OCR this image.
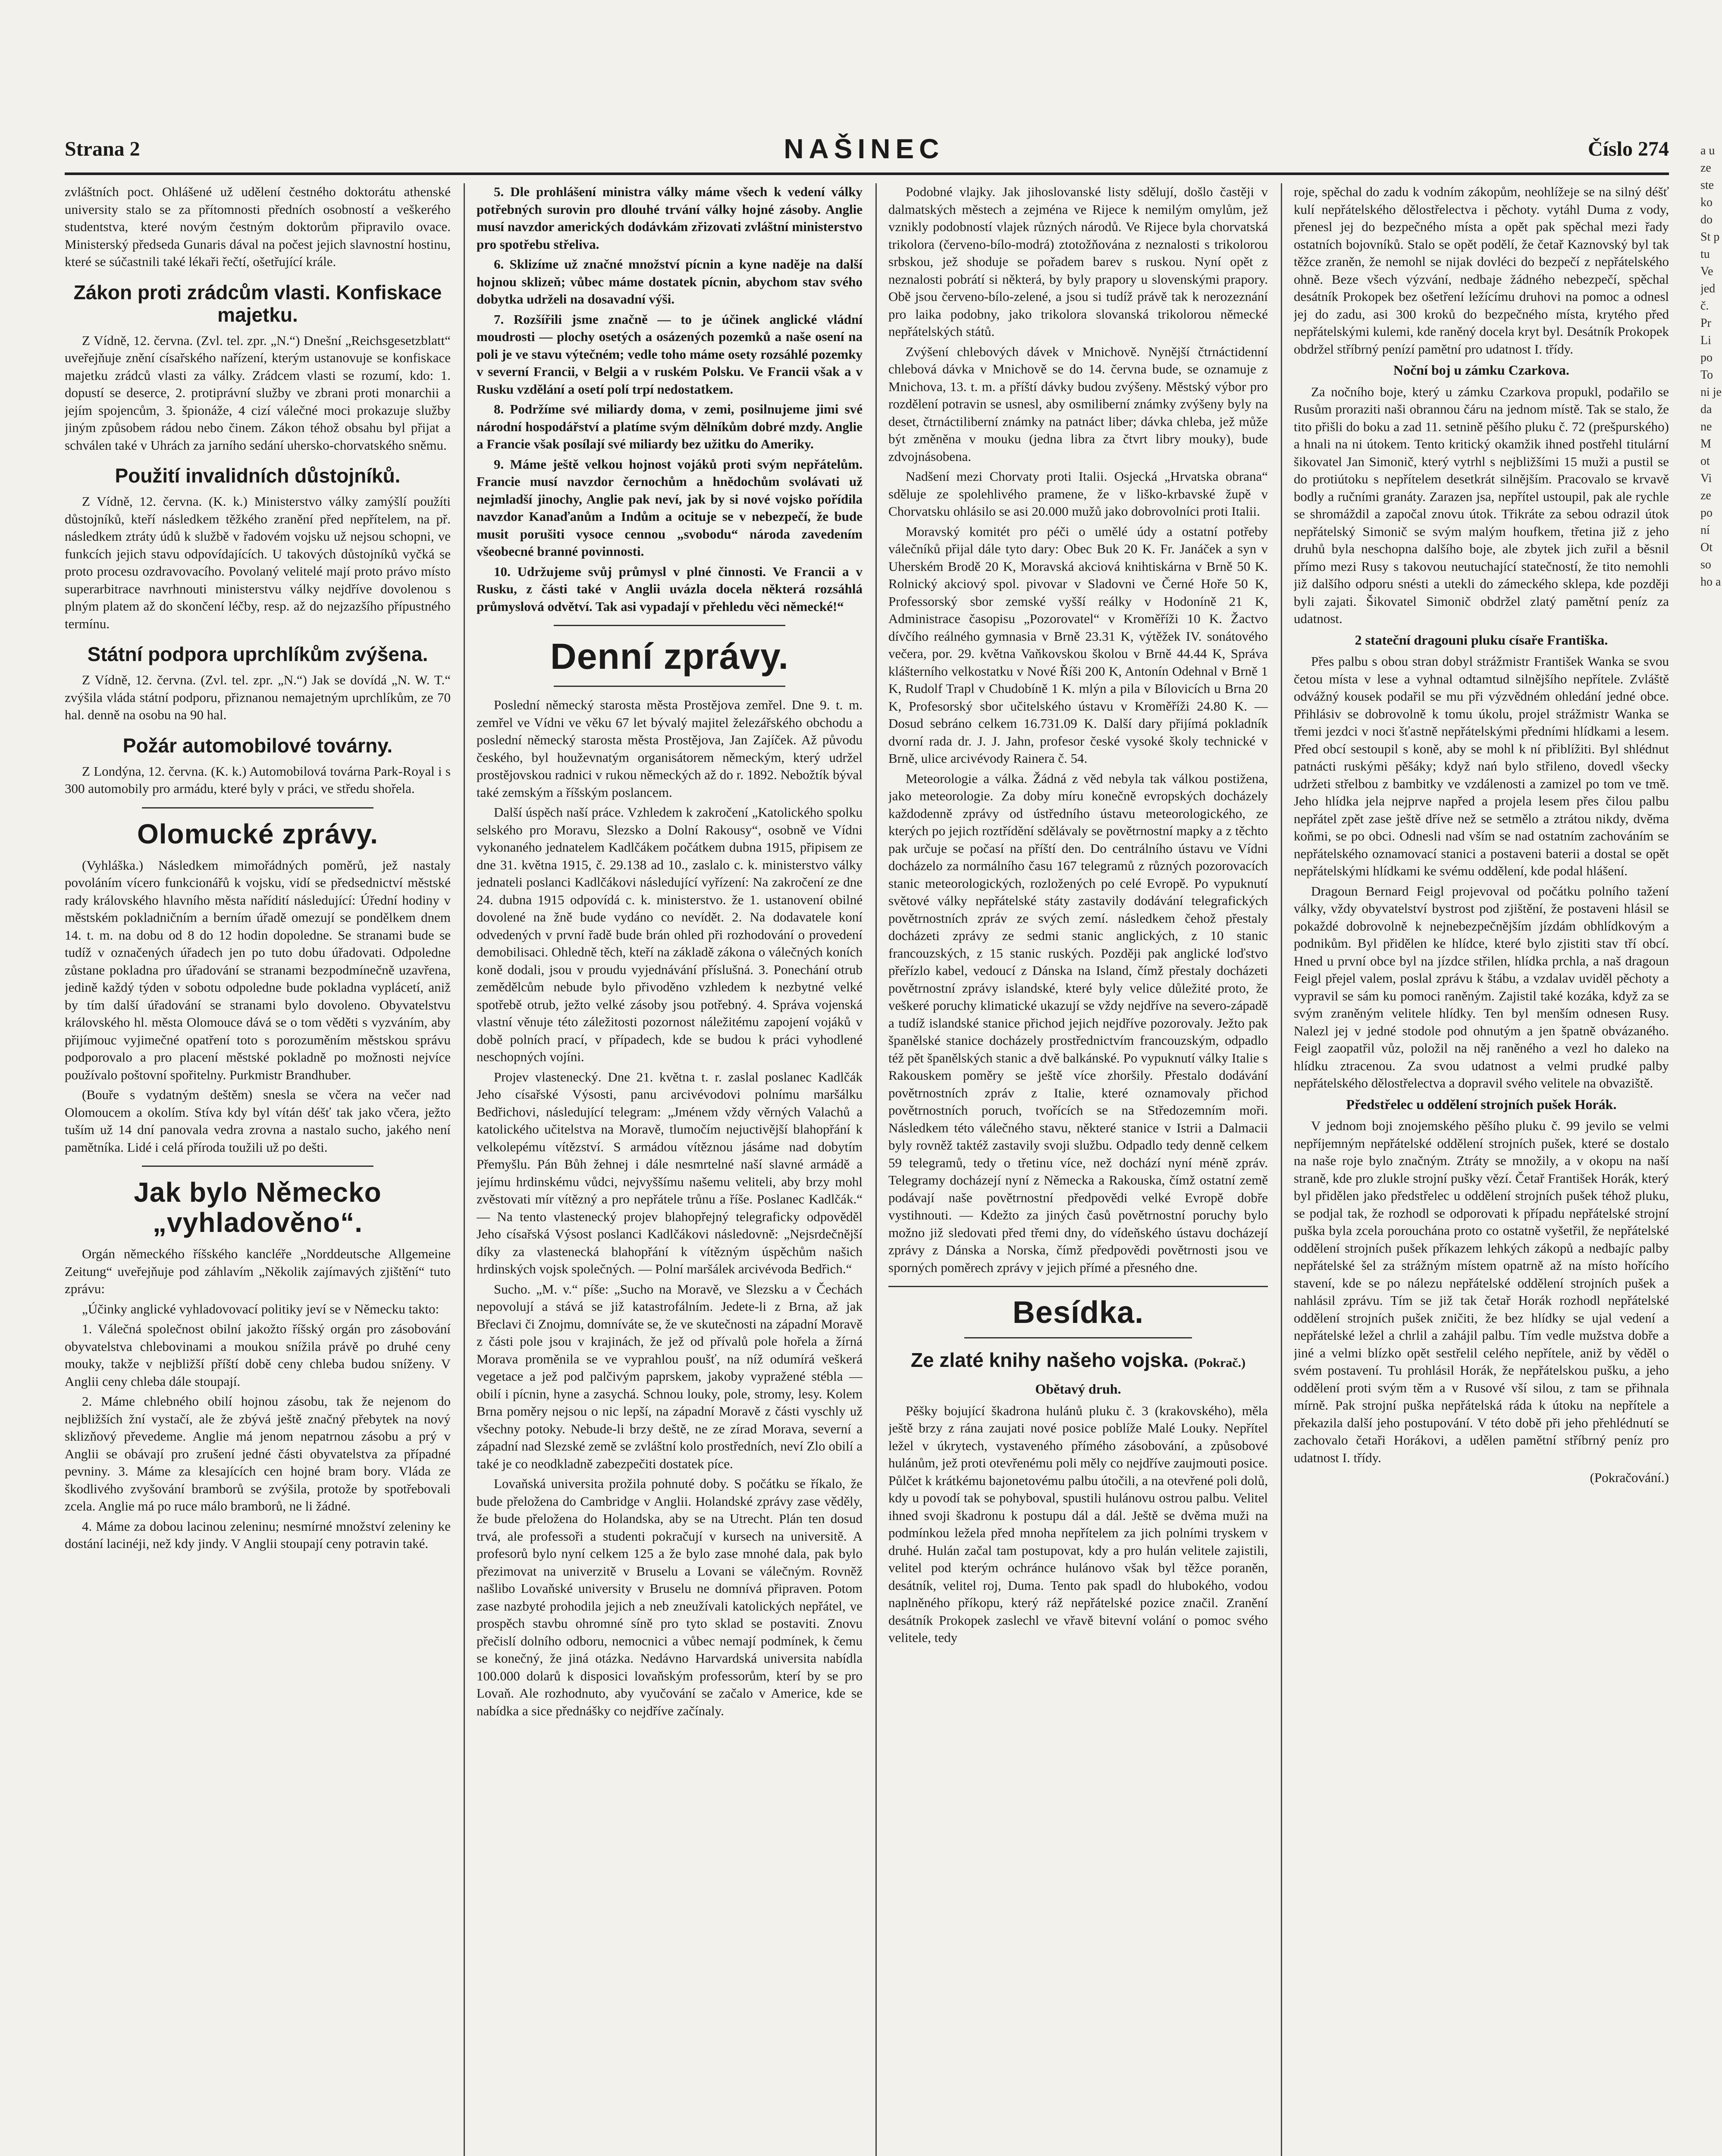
Strana 2	NAŠINEC	Číslo 274

zvláštních poct. Ohlášené už udělení čestného doktorátu athenské university stalo se za přítomnosti předních osobností a veškerého studentstva, které novým čestným doktorům připravilo ovace. Ministerský předseda Gunaris dával na počest jejich slavnostní hostinu, které se súčastnili také lékaři řečtí, ošetřující krále.

Zákon proti zrádcům vlasti. Konfiskace majetku.

Z Vídně, 12. června. (Zvl. tel. zpr. „N.“) Dnešní „Reichsgesetzblatt“ uveřejňuje znění císařského nařízení, kterým ustanovuje se konfiskace majetku zrádců vlasti za války. Zrádcem vlasti se rozumí, kdo: 1. dopustí se deserce, 2. protiprávní služby ve zbrani proti monarchii a jejím spojencům, 3. špionáže, 4 cizí válečné moci prokazuje služby jiným způsobem rádou nebo činem. Zákon téhož obsahu byl přijat a schválen také v Uhrách za jarního sedání uhersko-chorvatského sněmu.

Použití invalidních důstojníků.

Z Vídně, 12. června. (K. k.) Ministerstvo války zamýšlí použíti důstojníků, kteří následkem těžkého zranění před nepřítelem, na př. následkem ztráty údů k službě v řadovém vojsku už nejsou schopni, ve funkcích jejich stavu odpovídajících. U takových důstojníků vyčká se proto procesu ozdravovacího. Povolaný velitelé mají proto právo místo superarbitrace navrhnouti ministerstvu války nejdříve dovolenou s plným platem až do skončení léčby, resp. až do nejzazšího přípustného termínu.

Státní podpora uprchlíkům zvýšena.

Z Vídně, 12. června. (Zvl. tel. zpr. „N.“) Jak se dovídá „N. W. T.“ zvýšila vláda státní podporu, přiznanou nemajetným uprchlíkům, ze 70 hal. denně na osobu na 90 hal.

Požár automobilové továrny.

Z Londýna, 12. června. (K. k.) Automobilová továrna Park-Royal i s 300 automobily pro armádu, které byly v práci, ve středu shořela.

Olomucké zprávy.

(Vyhláška.) Následkem mimořádných poměrů, jež nastaly povoláním vícero funkcionářů k vojsku, vidí se předsednictví městské rady královského hlavního města nařídití následující: Úřední hodiny v městském pokladničním a berním úřadě omezují se pondělkem dnem 14. t. m. na dobu od 8 do 12 hodin dopoledne. Se stranami bude se tudíž v označených úřadech jen po tuto dobu úřadovati. Odpoledne zůstane pokladna pro úřadování se stranami bezpodmínečně uzavřena, jedině každý týden v sobotu odpoledne bude pokladna vyplácetí, aniž by tím další úřadování se stranami bylo dovoleno. Obyvatelstvu královského hl. města Olomouce dává se o tom věděti s vyzváním, aby přijímouc vyjimečné opatření toto s porozuměním městskou správu podporovalo a pro placení městské pokladně po možnosti nejvíce používalo poštovní spořitelny. Purkmistr Brandhuber.

(Bouře s vydatným deštěm) snesla se včera na večer nad Olomoucem a okolím. Stíva kdy byl vítán déšť tak jako včera, ježto tuším už 14 dní panovala vedra zrovna a nastalo sucho, jakého není pamětníka. Lidé i celá příroda toužili už po dešti.

Jak bylo Německo „vyhladověno“.

Orgán německého říšského kancléře „Norddeutsche Allgemeine Zeitung“ uveřejňuje pod záhlavím „Několik zajímavých zjištění“ tuto zprávu:

„Účinky anglické vyhladovovací politiky jeví se v Německu takto:

1. Válečná společnost obilní jakožto říšský orgán pro zásobování obyvatelstva chlebovinami a moukou snížila právě po druhé ceny mouky, takže v nejbližší příští době ceny chleba budou sníženy. V Anglii ceny chleba dále stoupají.

2. Máme chlebného obilí hojnou zásobu, tak že nejenom do nejbližších žní vystačí, ale že zbývá ještě značný přebytek na nový sklizňový převedeme. Anglie má jenom nepatrnou zásobu a prý v Anglii se obávají pro zrušení jedné části obyvatelstva za případné pevniny. 3. Máme za klesajících cen hojné bram bory. Vláda ze škodlivého zvyšování bramborů se zvýšila, protože by spotřebovali zcela. Anglie má po ruce málo bramborů, ne li žádné.

4. Máme za dobou lacinou zeleninu; nesmírné množství zeleniny ke dostání lacinéji, než kdy jindy. V Anglii stoupají ceny potravin také.

5. Dle prohlášení ministra války máme všech k vedení války potřebných surovin pro dlouhé trvání války hojné zásoby. Anglie musí navzdor amerických dodávkám zřizovati zvláštní ministerstvo pro spotřebu střeliva.

6. Sklizíme už značné množství pícnin a kyne naděje na další hojnou sklizeň; vůbec máme dostatek pícnin, abychom stav svého dobytka udrželi na dosavadní výši.

7. Rozšířili jsme značně — to je účinek anglické vládní moudrosti — plochy osetých a osázených pozemků a naše osení na poli je ve stavu výtečném; vedle toho máme osety rozsáhlé pozemky v severní Francii, v Belgii a v ruském Polsku. Ve Francii však a v Rusku vzdělání a osetí polí trpí nedostatkem.

8. Podržíme své miliardy doma, v zemi, posilnujeme jimi své národní hospodářství a platíme svým dělníkům dobré mzdy. Anglie a Francie však posílají své miliardy bez užitku do Ameriky.

9. Máme ještě velkou hojnost vojáků proti svým nepřátelům. Francie musí navzdor černochům a hnědochům svolávati už nejmladší jinochy, Anglie pak neví, jak by si nové vojsko pořídila navzdor Kanaďanům a Indům a ocituje se v nebezpečí, že bude musit porušiti vysoce cennou „svobodu“ národa zavedením všeobecné branné povinnosti.

10. Udržujeme svůj průmysl v plné činnosti. Ve Francii a v Rusku, z části také v Anglii uvázla docela některá rozsáhlá průmyslová odvětví. Tak asi vypadají v přehledu věci německé!“

Denní zprávy.

Poslední německý starosta města Prostějova zemřel. Dne 9. t. m. zemřel ve Vídni ve věku 67 let bývalý majitel železářského obchodu a poslední německý starosta města Prostějova, Jan Zajíček. Až původu českého, byl houževnatým organisátorem německým, který udržel prostějovskou radnici v rukou německých až do r. 1892. Nebožtík býval také zemským a říšským poslancem.

Další úspěch naší práce. Vzhledem k zakročení „Katolického spolku selského pro Moravu, Slezsko a Dolní Rakousy“, osobně ve Vídni vykonaného jednatelem Kadlčákem počátkem dubna 1915, připisem ze dne 31. května 1915, č. 29.138 ad 10., zaslalo c. k. ministerstvo války jednateli poslanci Kadlčákovi následující vyřízení: Na zakročení ze dne 24. dubna 1915 odpovídá c. k. ministerstvo. že 1. ustanovení obilné dovolené na žně bude vydáno co nevídět. 2. Na dodavatele koní odvedených v první řadě bude brán ohled při rozhodování o provedení demobilisaci. Ohledně těch, kteří na základě zákona o válečných koních koně dodali, jsou v proudu vyjednávání příslušná. 3. Ponechání otrub zemědělcům nebude bylo přivoděno vzhledem k nezbytné velké spotřebě otrub, ježto velké zásoby jsou potřebný. 4. Správa vojenská vlastní věnuje této záležitosti pozornost náležitému zapojení vojáků v době polních prací, v případech, kde se budou k práci vyhodlené neschopných vojíni.

Projev vlastenecký. Dne 21. května t. r. zaslal poslanec Kadlčák Jeho císařské Výsosti, panu arcivévodovi polnímu maršálku Bedřichovi, následující telegram: „Jménem vždy věrných Valachů a katolického učitelstva na Moravě, tlumočím nejuctivější blahopřání k velkolepému vítězství. S armádou vítěznou jásáme nad dobytím Přemyšlu. Pán Bůh žehnej i dále nesmrtelné naší slavné armádě a jejímu hrdinskému vůdci, nejvyššímu našemu veliteli, aby brzy mohl zvěstovati mír vítězný a pro nepřátele trůnu a říše. Poslanec Kadlčák.“ — Na tento vlastenecký projev blahopřejný telegraficky odpověděl Jeho císařská Výsost poslanci Kadlčákovi následovně: „Nejsrdečnější díky za vlastenecká blahopřání k vítězným úspěchům našich hrdinských vojsk společných. — Polní maršálek arcivévoda Bedřich.“

Sucho. „M. v.“ píše: „Sucho na Moravě, ve Slezsku a v Čechách nepovolují a stává se již katastrofálním. Jedete-li z Brna, až jak Břeclavi či Znojmu, domníváte se, že ve skutečnosti na západní Moravě z části pole jsou v krajinách, že jež od přívalů pole hořela a žírná Morava proměnila se ve vyprahlou poušť, na níž odumírá veškerá vegetace a jež pod palčivým paprskem, jakoby vypražené stébla — obilí i pícnin, hyne a zasychá. Schnou louky, pole, stromy, lesy. Kolem Brna poměry nejsou o nic lepší, na západní Moravě z části vyschly už všechny potoky. Nebude-li brzy deště, ne ze zírad Morava, severní a západní nad Slezské země se zvláštní kolo prostředních, neví Zlo obilí a také je co neodkladně zabezpečiti dostatek píce.

Lovaňská universita prožila pohnuté doby. S počátku se říkalo, že bude přeložena do Cambridge v Anglii. Holandské zprávy zase věděly, že bude přeložena do Holandska, aby se na Utrecht. Plán ten dosud trvá, ale professoři a studenti pokračují v kursech na universitě. A profesorů bylo nyní celkem 125 a že bylo zase mnohé dala, pak bylo přezimovat na univerzitě v Bruselu a Lovani se válečným. Rovněž našlibo Lovaňské university v Bruselu ne domnívá připraven. Potom zase nazbyté prohodila jejich a neb zneužívali katolických nepřátel, ve prospěch stavbu ohromné síně pro tyto sklad se postaviti. Znovu přečislí dolního odboru, nemocnici a vůbec nemají podmínek, k čemu se konečný, že jiná otázka. Nedávno Harvardská universita nabídla 100.000 dolarů k disposici lovaňským professorům, kterí by se pro Lovaň. Ale rozhodnuto, aby vyučování se začalo v Americe, kde se nabídka a sice přednášky co nejdříve začínaly.

Podobné vlajky. Jak jihoslovanské listy sdělují, došlo častěji v dalmatských městech a zejména ve Rijece k nemilým omylům, jež vznikly podobností vlajek různých národů. Ve Rijece byla chorvatská trikolora (červeno-bílo-modrá) ztotožňována z neznalosti s trikolorou srbskou, jež shoduje se pořadem barev s ruskou. Nyní opět z neznalosti pobrátí si některá, by byly prapory u slovenskými prapory. Obě jsou červeno-bílo-zelené, a jsou si tudíž právě tak k nerozeznání pro laika podobny, jako trikolora slovanská trikolorou německé nepřátelských států.

Zvýšení chlebových dávek v Mnichově. Nynější čtrnáctidenní chlebová dávka v Mnichově se do 14. června bude, se oznamuje z Mnichova, 13. t. m. a příští dávky budou zvýšeny. Městský výbor pro rozdělení potravin se usnesl, aby osmiliberní známky zvýšeny byly na deset, čtrnáctiliberní známky na patnáct liber; dávka chleba, jež může být změněna v mouku (jedna libra za čtvrt libry mouky), bude zdvojnásobena.

Nadšení mezi Chorvaty proti Italii. Osjecká „Hrvatska obrana“ sděluje ze spolehlivého pramene, že v liško-krbavské župě v Chorvatsku ohlásilo se asi 20.000 mužů jako dobrovolníci proti Italii.

Moravský komitét pro péči o umělé údy a ostatní potřeby válečníků přijal dále tyto dary: Obec Buk 20 K. Fr. Janáček a syn v Uherském Brodě 20 K, Moravská akciová knihtiskárna v Brně 50 K. Rolnický akciový spol. pivovar v Sladovni ve Černé Hoře 50 K, Professorský sbor zemské vyšší reálky v Hodoníně 21 K, Administrace časopisu „Pozorovatel“ v Kroměříži 10 K. Žactvo dívčího reálného gymnasia v Brně 23.31 K, výtěžek IV. sonátového večera, por. 29. května Vaňkovskou školou v Brně 44.44 K, Správa klášterního velkostatku v Nové Říši 200 K, Antonín Odehnal v Brně 1 K, Rudolf Trapl v Chudobíně 1 K. mlýn a pila v Bílovicích u Brna 20 K, Profesorský sbor učitelského ústavu v Kroměříži 24.80 K. — Dosud sebráno celkem 16.731.09 K. Další dary přijímá pokladník dvorní rada dr. J. J. Jahn, profesor české vysoké školy technické v Brně, ulice arcivévody Rainera č. 54.

Meteorologie a válka. Žádná z věd nebyla tak válkou postižena, jako meteorologie. Za doby míru konečně evropských docházely každodenně zprávy od ústředního ústavu meteorologického, ze kterých po jejich roztřídění sdělávaly se povětrnostní mapky a z těchto pak určuje se počasí na příští den. Do centrálního ústavu ve Vídni docházelo za normálního času 167 telegramů z různých pozorovacích stanic meteorologických, rozložených po celé Evropě. Po vypuknutí světové války nepřátelské státy zastavily dodávání telegrafických povětrnostních zpráv ze svých zemí. následkem čehož přestaly docházeti zprávy ze sedmi stanic anglických, z 10 stanic francouzských, z 15 stanic ruských. Později pak anglické loďstvo přeřízlo kabel, vedoucí z Dánska na Island, čímž přestaly docházeti povětrnostní zprávy islandské, které byly velice důležité proto, že veškeré poruchy klimatické ukazují se vždy nejdříve na severo-západě a tudíž islandské stanice přichod jejich nejdříve pozorovaly. Ježto pak španělské stanice docházely prostřednictvím francouzským, odpadlo též pět španělských stanic a dvě balkánské. Po vypuknutí války Italie s Rakouskem poměry se ještě více zhoršily. Přestalo dodávání povětrnostních zpráv z Italie, které oznamovaly přichod povětrnostních poruch, tvořících se na Středozemním moři. Následkem této válečného stavu, některé stanice v Istrii a Dalmacii byly rovněž taktéž zastavily svoji službu. Odpadlo tedy denně celkem 59 telegramů, tedy o třetinu více, než dochází nyní méně zpráv. Telegramy docházejí nyní z Německa a Rakouska, čímž ostatní země podávají naše povětrnostní předpovědi velké Evropě dobře vystihnouti. — Kdežto za jiných časů povětrnostní poruchy bylo možno již sledovati před třemi dny, do vídeňského ústavu docházejí zprávy z Dánska a Norska, čímž předpovědi povětrnosti jsou ve sporných poměrech zprávy v jejich přímé a přesného dne.

Besídka.
Ze zlaté knihy našeho vojska. (Pokrač.)
Obětavý druh.

Pěšky bojující škadrona hulánů pluku č. 3 (krakovského), měla ještě brzy z rána zaujati nové posice poblíže Malé Louky. Nepřítel ležel v úkrytech, vystaveného přímého zásobování, a způsobové hulánům, jež proti otevřenému poli měly co nejdříve zaujmouti posice. Půlčet k krátkému bajonetovému palbu útočili, a na otevřené poli dolů, kdy u povodí tak se pohyboval, spustili hulánovu ostrou palbu. Velitel ihned svoji škadronu k postupu dál a dál. Ještě se dvěma muži na podmínkou ležela před mnoha nepřítelem za jich polními tryskem v druhé. Hulán začal tam postupovat, kdy a pro hulán velitele zajistili, velitel pod kterým ochránce hulánovo však byl těžce poraněn, desátník, velitel roj, Duma. Tento pak spadl do hlubokého, vodou naplněného příkopu, který ráž nepřátelské pozice značil. Zranění desátník Prokopek zaslechl ve vřavě bitevní volání o pomoc svého velitele, tedy

roje, spěchal do zadu k vodním zákopům, neohlížeje se na silný déšť kulí nepřátelského dělostřelectva i pěchoty. vytáhl Duma z vody, přenesl jej do bezpečného místa a opět pak spěchal mezi řady ostatních bojovníků. Stalo se opět podělí, že četař Kaznovský byl tak těžce zraněn, že nemohl se nijak dovléci do bezpečí z nepřátelského ohně. Beze všech výzvání, nedbaje žádného nebezpečí, spěchal desátník Prokopek bez ošetření ležícímu druhovi na pomoc a odnesl jej do zadu, asi 300 kroků do bezpečného místa, krytého před nepřátelskými kulemi, kde raněný docela kryt byl. Desátník Prokopek obdržel stříbrný penízí pamětní pro udatnost I. třídy.

Noční boj u zámku Czarkova.

Za nočního boje, který u zámku Czarkova propukl, podařilo se Rusům proraziti naši obrannou čáru na jednom místě. Tak se stalo, že tito přišli do boku a zad 11. setnině pěšího pluku č. 72 (prešpurského) a hnali na ni útokem. Tento kritický okamžik ihned postřehl titulární šikovatel Jan Simonič, který vytrhl s nejbližšími 15 muži a pustil se do protiútoku s nepřítelem desetkrát silnějším. Pracovalo se krvavě bodly a ručními granáty. Zarazen jsa, nepřítel ustoupil, pak ale rychle se shromáždil a započal znovu útok. Třikráte za sebou odrazil útok nepřátelský Simonič se svým malým houfkem, třetina již z jeho druhů byla neschopna dalšího boje, ale zbytek jich zuřil a běsnil přímo mezi Rusy s takovou neutuchající statečností, že tito nemohli již dalšího odporu snésti a utekli do zámeckého sklepa, kde později byli zajati. Šikovatel Simonič obdržel zlatý pamětní peníz za udatnost.

2 stateční dragouni pluku císaře Františka.

Přes palbu s obou stran dobyl strážmistr František Wanka se svou četou místa v lese a vyhnal odtamtud silnějšího nepřítele. Zvláště odvážný kousek podařil se mu při výzvědném ohledání jedné obce. Přihlásiv se dobrovolně k tomu úkolu, projel strážmistr Wanka se třemi jezdci v noci šťastně nepřátelskými předními hlídkami a lesem. Před obcí sestoupil s koně, aby se mohl k ní přiblížiti. Byl shlédnut patnácti ruskými pěšáky; když nań bylo střileno, dovedl všecky udržeti střelbou z bambitky ve vzdálenosti a zamizel po tom ve tmě. Jeho hlídka jela nejprve napřed a projela lesem přes čilou palbu nepřátel zpět zase ještě dříve než se setmělo a ztrátou nikdy, dvěma koňmi, se po obci. Odnesli nad vším se nad ostatním zachováním se nepřátelského oznamovací stanici a postaveni baterii a dostal se opět nepřátelskými hlídkami ke svému oddělení, kde podal hlášení.

Dragoun Bernard Feigl projevoval od počátku polního tažení války, vždy obyvatelství bystrost pod zjištění, že postaveni hlásil se pokaždé dobrovolně k nejnebezpečnějším jízdám obhlídkovým a podnikům. Byl přidělen ke hlídce, které bylo zjistiti stav tří obcí. Hned u první obce byl na jízdce střilen, hlídka prchla, a naš dragoun Feigl přejel valem, poslal zprávu k štábu, a vzdalav uviděl pěchoty a vypravil se sám ku pomoci raněným. Zajistil také kozáka, když za se svým zraněným velitele hlídky. Ten byl menším odnesen Rusy. Nalezl jej v jedné stodole pod ohnutým a jen špatně obvázaného. Feigl zaopatřil vůz, položil na něj raněného a vezl ho daleko na hlídku ztracenou. Za svou udatnost a velmi prudké palby nepřátelského dělostřelectva a dopravil svého velitele na obvaziště.

Předstřelec u oddělení strojních pušek Horák.

V jednom boji znojemského pěšího pluku č. 99 jevilo se velmi nepříjemným nepřátelské oddělení strojních pušek, které se dostalo na naše roje bylo značným. Ztráty se množily, a v okopu na naší straně, kde pro zlukle strojní pušky vězí. Četař František Horák, který byl přidělen jako předstřelec u oddělení strojních pušek téhož pluku, se podjal tak, že rozhodl se odporovati k případu nepřátelské strojní puška byla zcela porouchána proto co ostatně vyšetřil, že nepřátelské oddělení strojních pušek příkazem lehkých zákopů a nedbajíc palby nepřátelské šel za strážným místem opatrně až na místo hořícího stavení, kde se po nálezu nepřátelské oddělení strojních pušek a nahlásil zprávu. Tím se již tak četař Horák rozhodl nepřátelské oddělení strojních pušek zničiti, že bez hlídky se ujal vedení a nepřátelské ležel a chrlil a zahájil palbu. Tím vedle mužstva dobře a jiné a velmi blízko opět sestřelil celého nepřítele, aniž by věděl o svém postavení. Tu prohlásil Horák, že nepřátelskou pušku, a jeho oddělení proti svým těm a v Rusové vší silou, z tam se přihnala mírně. Pak strojní puška nepřátelská ráda k útoku na nepřítele a překazila další jeho postupování. V této době při jeho přehlédnutí se zachovalo četaři Horákovi, a udělen pamětní stříbrný peníz pro udatnost I. třídy.

(Pokračování.)

a u ze ste ko do St p tu Ve jed č. Pr Li po To ni je da ne M ot Vi ze po ní Ot so ho a
